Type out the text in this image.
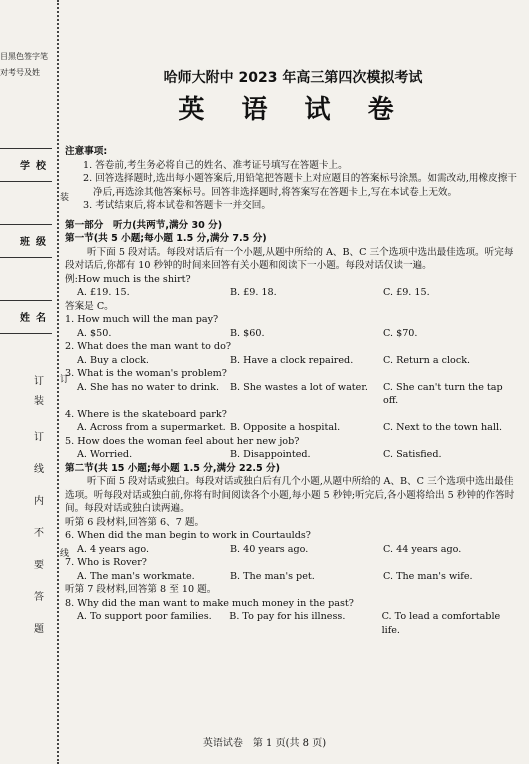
目黑色签字笔
对考号及姓
学校
班级
姓名
订
装
订
线
内
不
要
答
题
装
订
线
哈师大附中 2023 年高三第四次模拟考试
英 语 试 卷
注意事项:
1. 答卷前,考生务必将自己的姓名、准考证号填写在答题卡上。
2. 回答选择题时,选出每小题答案后,用铅笔把答题卡上对应题目的答案标号涂黑。如需改动,用橡皮擦干净后,再选涂其他答案标号。回答非选择题时,将答案写在答题卡上,写在本试卷上无效。
3. 考试结束后,将本试卷和答题卡一并交回。
第一部分　听力(共两节,满分 30 分)
第一节(共 5 小题;每小题 1.5 分,满分 7.5 分)
听下面 5 段对话。每段对话后有一个小题,从题中所给的 A、B、C 三个选项中选出最佳选项。听完每段对话后,你都有 10 秒钟的时间来回答有关小题和阅读下一小题。每段对话仅读一遍。
例:How much is the shirt?
A. £19. 15.	B. £9. 18.	C. £9. 15.
答案是 C。
1. How much will the man pay?
A. $50.	B. $60.	C. $70.
2. What does the man want to do?
A. Buy a clock.	B. Have a clock repaired.	C. Return a clock.
3. What is the woman's problem?
A. She has no water to drink.	B. She wastes a lot of water.	C. She can't turn the tap off.
4. Where is the skateboard park?
A. Across from a supermarket. B. Opposite a hospital.	C. Next to the town hall.
5. How does the woman feel about her new job?
A. Worried.	B. Disappointed.	C. Satisfied.
第二节(共 15 小题;每小题 1.5 分,满分 22.5 分)
听下面 5 段对话或独白。每段对话或独白后有几个小题,从题中所给的 A、B、C 三个选项中选出最佳选项。听每段对话或独白前,你将有时间阅读各个小题,每小题 5 秒钟;听完后,各小题将给出 5 秒钟的作答时间。每段对话或独白读两遍。
听第 6 段材料,回答第 6、7 题。
6. When did the man begin to work in Courtaulds?
A. 4 years ago.	B. 40 years ago.	C. 44 years ago.
7. Who is Rover?
A. The man's workmate.	B. The man's pet.	C. The man's wife.
听第 7 段材料,回答第 8 至 10 题。
8. Why did the man want to make much money in the past?
A. To support poor families.	B. To pay for his illness.	C. To lead a comfortable life.
英语试卷　第 1 页(共 8 页)
